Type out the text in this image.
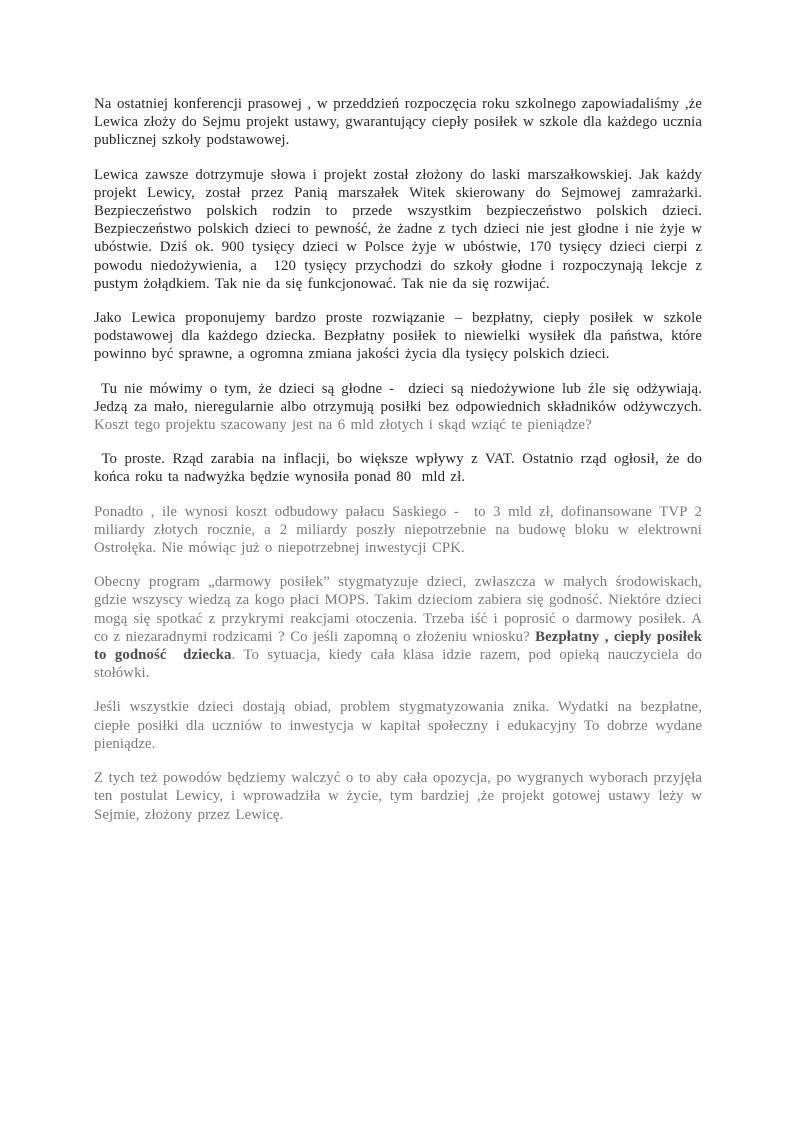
Na ostatniej konferencji prasowej , w przeddzień rozpoczęcia roku szkolnego zapowiadaliśmy ,że Lewica złoży do Sejmu projekt ustawy, gwarantujący ciepły posiłek w szkole dla każdego ucznia publicznej szkoły podstawowej.

Lewica zawsze dotrzymuje słowa i projekt został złożony do laski marszałkowskiej. Jak każdy projekt Lewicy, został przez Panią marszałek Witek skierowany do Sejmowej zamrażarki. Bezpieczeństwo polskich rodzin to przede wszystkim bezpieczeństwo polskich dzieci. Bezpieczeństwo polskich dzieci to pewność, że żadne z tych dzieci nie jest głodne i nie żyje w ubóstwie. Dziś ok. 900 tysięcy dzieci w Polsce żyje w ubóstwie, 170 tysięcy dzieci cierpi z powodu niedożywienia, a  120 tysięcy przychodzi do szkoły głodne i rozpoczynają lekcje z pustym żołądkiem. Tak nie da się funkcjonować. Tak nie da się rozwijać.

Jako Lewica proponujemy bardzo proste rozwiązanie – bezpłatny, ciepły posiłek w szkole podstawowej dla każdego dziecka. Bezpłatny posiłek to niewielki wysiłek dla państwa, które powinno być sprawne, a ogromna zmiana jakości życia dla tysięcy polskich dzieci.

Tu nie mówimy o tym, że dzieci są głodne -  dzieci są niedożywione lub źle się odżywiają. Jedzą za mało, nieregularnie albo otrzymują posiłki bez odpowiednich składników odżywczych. Koszt tego projektu szacowany jest na 6 mld złotych i skąd wziąć te pieniądze?

To proste. Rząd zarabia na inflacji, bo większe wpływy z VAT. Ostatnio rząd ogłosił, że do końca roku ta nadwyżka będzie wynosiła ponad 80  mld zł.

Ponadto , ile wynosi koszt odbudowy pałacu Saskiego -  to 3 mld zł, dofinansowane TVP 2 miliardy złotych rocznie, a 2 miliardy poszły niepotrzebnie na budowę bloku w elektrowni Ostrołęka. Nie mówiąc już o niepotrzebnej inwestycji CPK.

Obecny program „darmowy posiłek” stygmatyzuje dzieci, zwłaszcza w małych środowiskach, gdzie wszyscy wiedzą za kogo płaci MOPS. Takim dzieciom zabiera się godność. Niektóre dzieci mogą się spotkać z przykrymi reakcjami otoczenia. Trzeba iść i poprosić o darmowy posiłek. A co z niezaradnymi rodzicami ? Co jeśli zapomną o złożeniu wniosku? Bezpłatny , ciepły posiłek to godność  dziecka. To sytuacja, kiedy cała klasa idzie razem, pod opieką nauczyciela do stołówki.

Jeśli wszystkie dzieci dostają obiad, problem stygmatyzowania znika. Wydatki na bezpłatne, ciepłe posiłki dla uczniów to inwestycja w kapitał społeczny i edukacyjny To dobrze wydane pieniądze.

Z tych też powodów będziemy walczyć o to aby cała opozycja, po wygranych wyborach przyjęła ten postulat Lewicy, i wprowadziła w życie, tym bardziej ,że projekt gotowej ustawy leży w Sejmie, złożony przez Lewicę.
